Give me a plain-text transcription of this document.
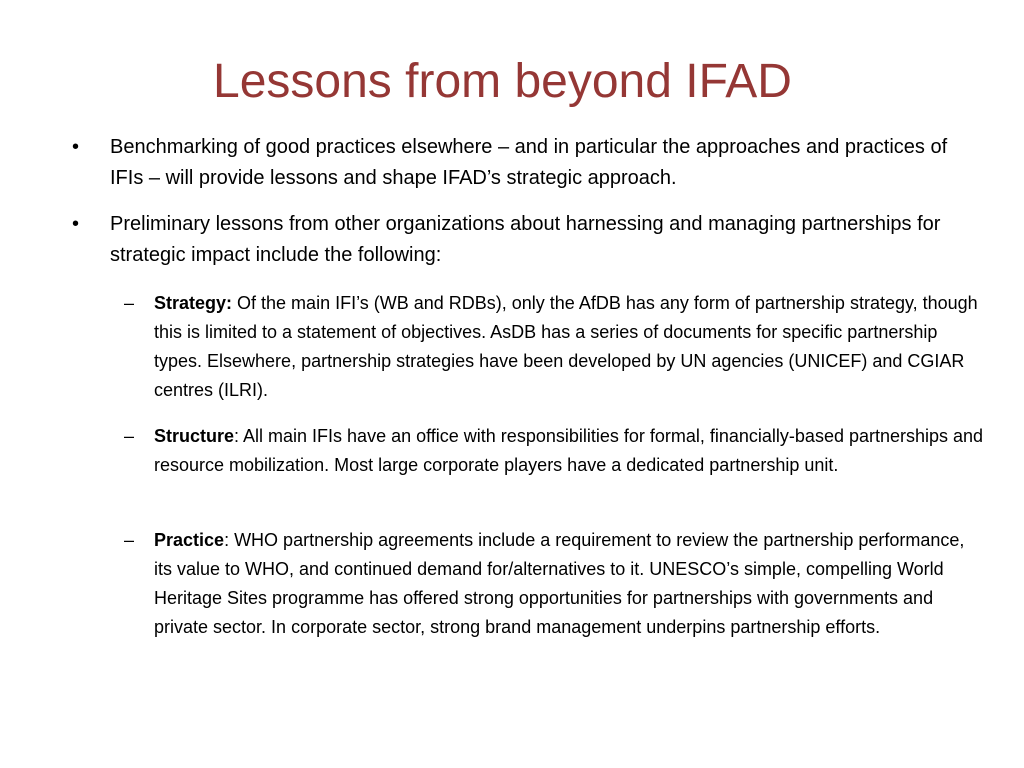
Lessons from beyond IFAD
• Benchmarking of good practices elsewhere – and in particular the approaches and practices of IFIs – will provide lessons and shape IFAD’s strategic approach.
• Preliminary lessons from other organizations about harnessing and managing partnerships for strategic impact include the following:
– Strategy: Of the main IFI’s (WB and RDBs), only the AfDB has any form of partnership strategy, though this is limited to a statement of objectives. AsDB has a series of documents for specific partnership types. Elsewhere, partnership strategies have been developed by UN agencies (UNICEF) and CGIAR centres (ILRI).
– Structure: All main IFIs have an office with responsibilities for formal, financially-based partnerships and resource mobilization. Most large corporate players have a dedicated partnership unit.
– Practice: WHO partnership agreements include a requirement to review the partnership performance, its value to WHO, and continued demand for/alternatives to it. UNESCO’s simple, compelling World Heritage Sites programme has offered strong opportunities for partnerships with governments and private sector. In corporate sector, strong brand management underpins partnership efforts.
